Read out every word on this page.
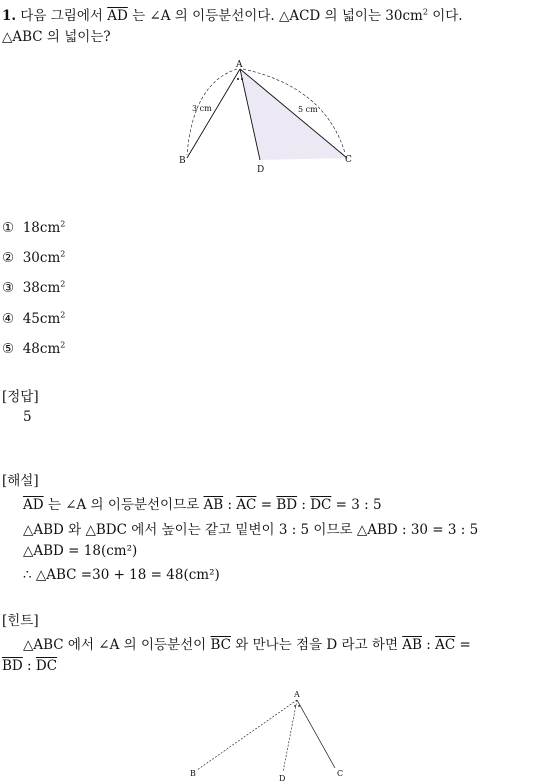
1. 다음 그림에서 $\overline{AD}$ 는 ∠A 의 이등분선이다. △ACD 의 넓이는 $30cm^2$ 이다.
△ABC 의 넓이는?
A
B	C
D
3 cm	5 cm
① $18cm^2$
② $30cm^2$
③ $38cm^2$
④ $45cm^2$
⑤ $48cm^2$
[정답]
5
[해설]
$\overline{AD}$ 는 ∠A 의 이등분선이므로 $\overline{AB}$ : $\overline{AC} = \overline{BD}$ : $\overline{DC} = 3$ : 5
△ABD 와 △BDC 에서 높이는 같고 밑변이 3 : 5 이므로 △ABD : 30 = 3 : 5
△ABD = 18(cm²)
∴ △ABC =30 + 18 = 48(cm²)
[힌트]
△ABC 에서 ∠A 의 이등분선이 $\overline{BC}$ 와 만나는 점을 D 라고 하면 $\overline{AB}$ : $\overline{AC}$ =
$\overline{BD}$ : $\overline{DC}$
A
B	C
D
